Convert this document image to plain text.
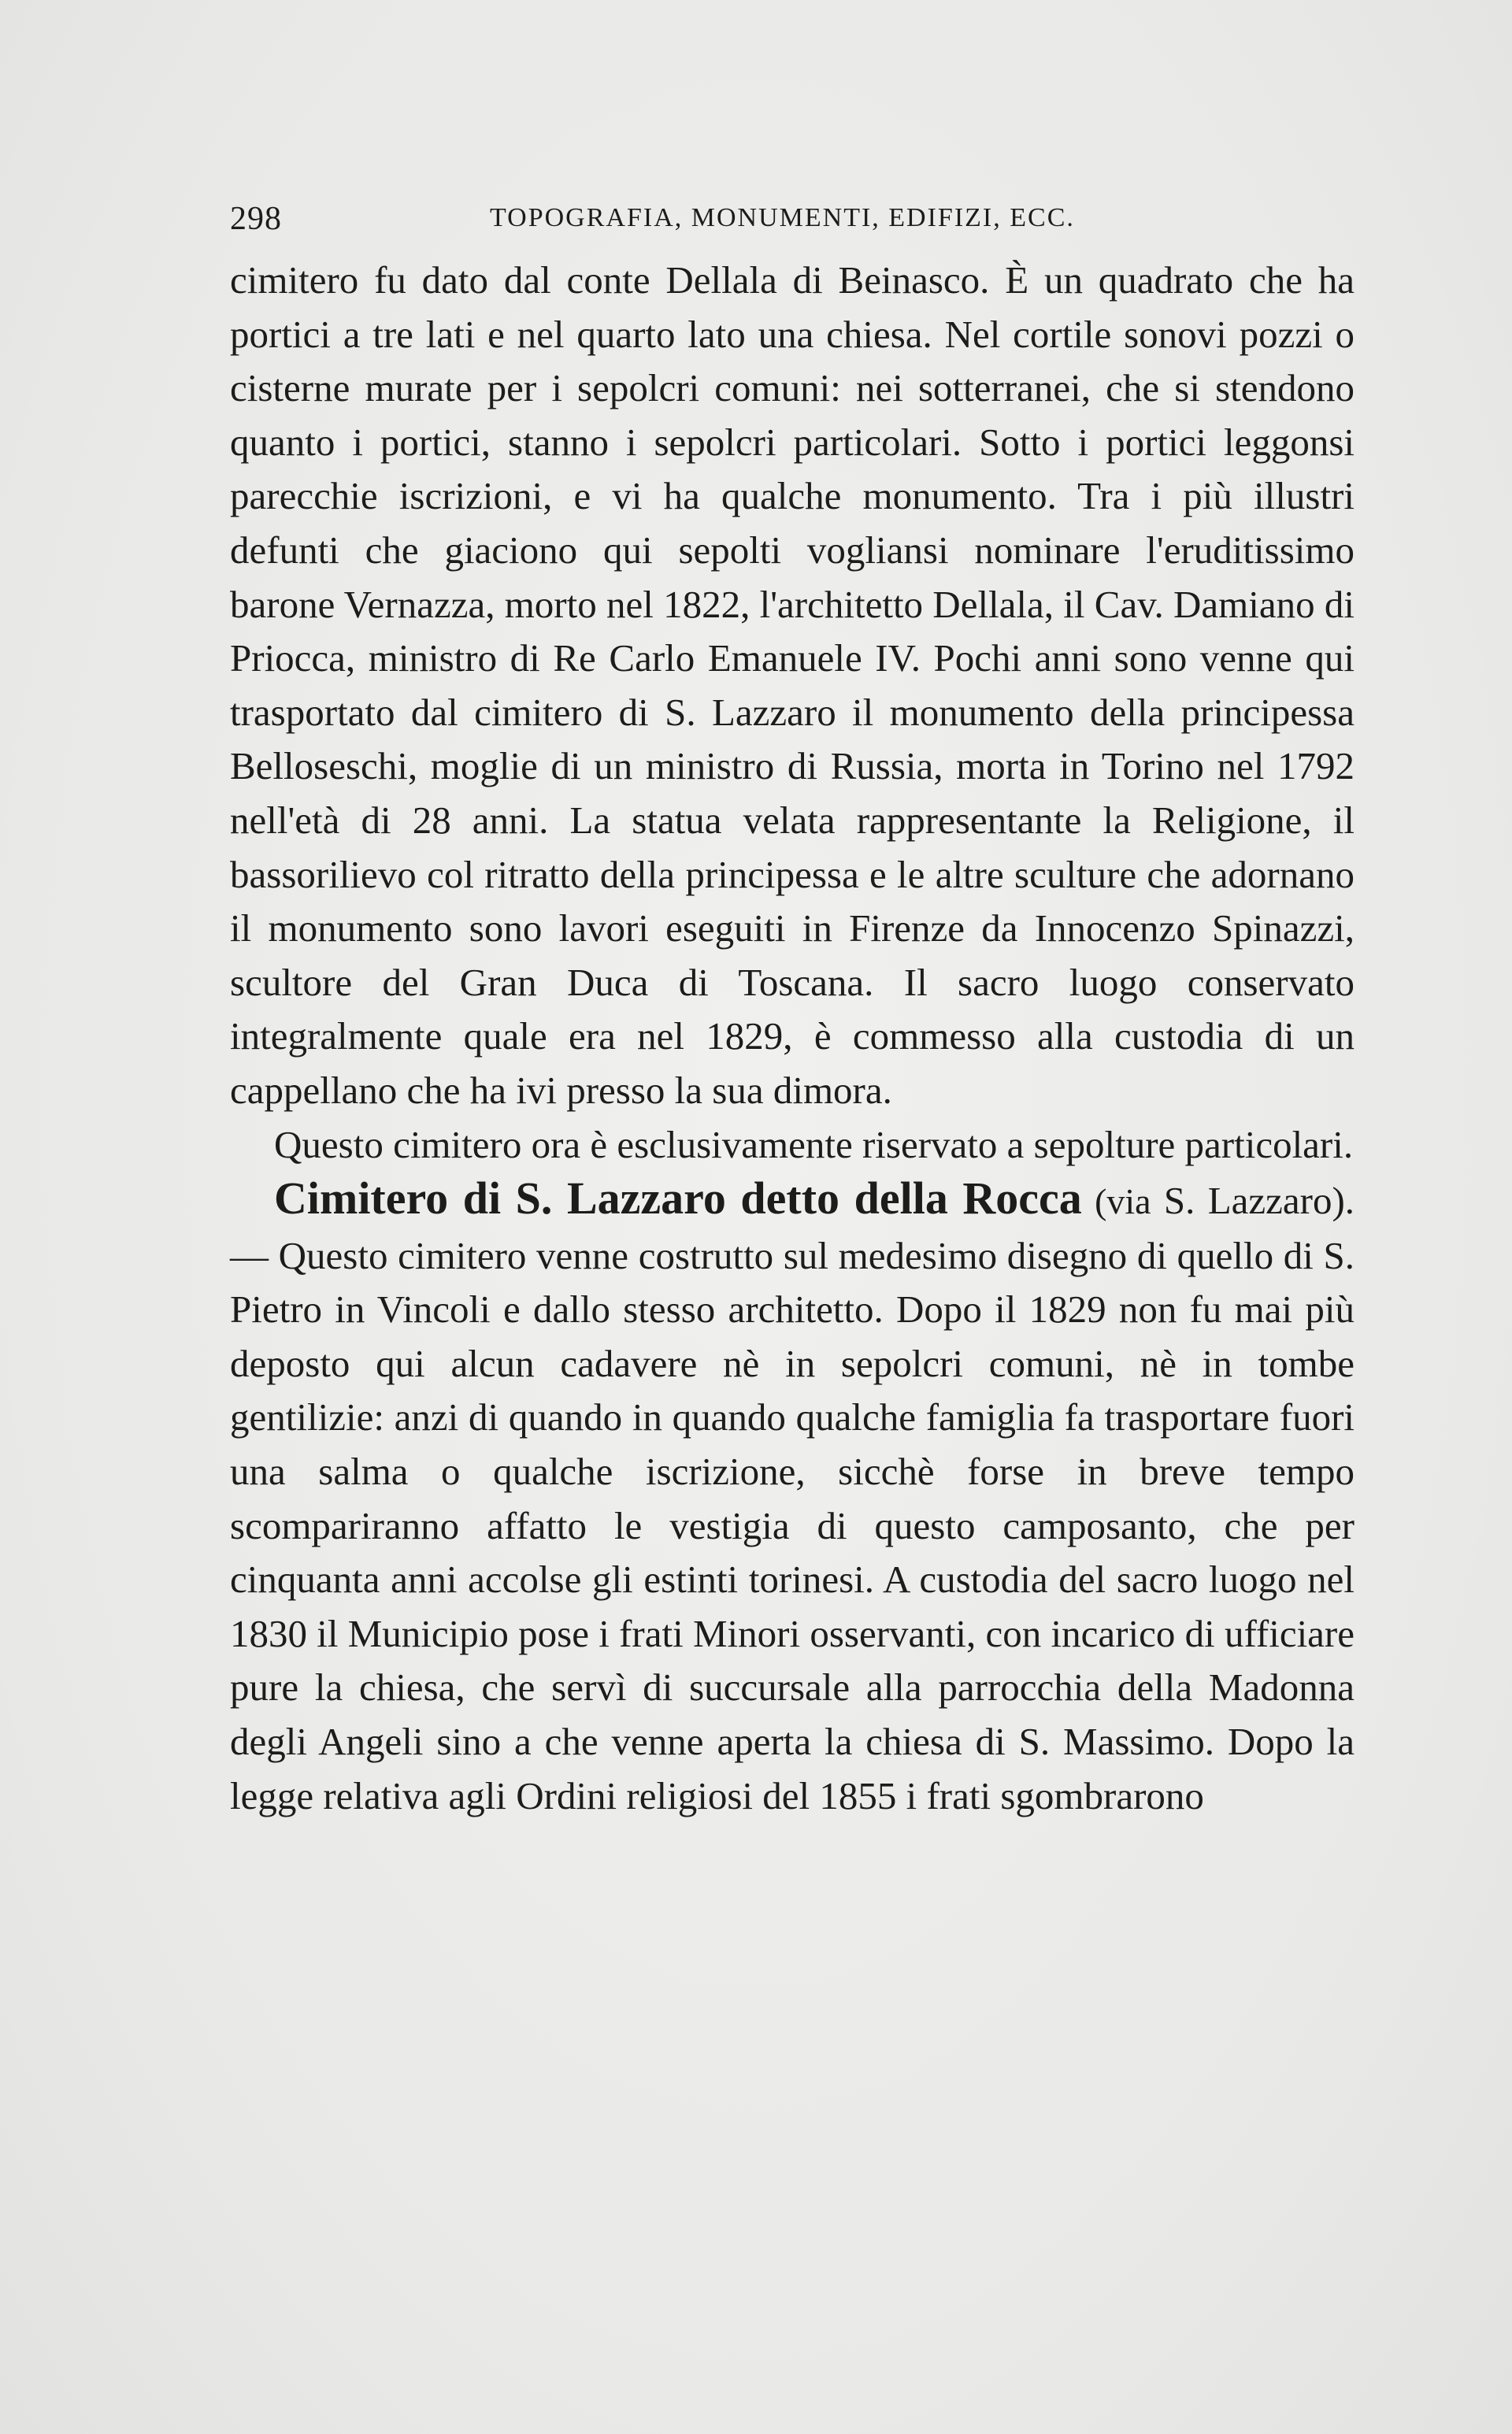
298	TOPOGRAFIA, MONUMENTI, EDIFIZI, ECC.

cimitero fu dato dal conte Dellala di Beinasco. È un quadrato che ha portici a tre lati e nel quarto lato una chiesa. Nel cortile sonovi pozzi o cisterne murate per i sepolcri comuni: nei sotterranei, che si stendono quanto i portici, stanno i sepolcri particolari. Sotto i portici leggonsi parecchie iscrizioni, e vi ha qualche monumento. Tra i più illustri defunti che giaciono qui sepolti vogliansi nominare l'eruditissimo barone Vernazza, morto nel 1822, l'architetto Dellala, il Cav. Damiano di Priocca, ministro di Re Carlo Emanuele IV. Pochi anni sono venne qui trasportato dal cimitero di S. Lazzaro il monumento della principessa Belloseschi, moglie di un ministro di Russia, morta in Torino nel 1792 nell'età di 28 anni. La statua velata rappresentante la Religione, il bassorilievo col ritratto della principessa e le altre sculture che adornano il monumento sono lavori eseguiti in Firenze da Innocenzo Spinazzi, scultore del Gran Duca di Toscana. Il sacro luogo conservato integralmente quale era nel 1829, è commesso alla custodia di un cappellano che ha ivi presso la sua dimora.

Questo cimitero ora è esclusivamente riservato a sepolture particolari.

Cimitero di S. Lazzaro detto della Rocca (via S. Lazzaro). — Questo cimitero venne costrutto sul medesimo disegno di quello di S. Pietro in Vincoli e dallo stesso architetto. Dopo il 1829 non fu mai più deposto qui alcun cadavere nè in sepolcri comuni, nè in tombe gentilizie: anzi di quando in quando qualche famiglia fa trasportare fuori una salma o qualche iscrizione, sicchè forse in breve tempo scompariranno affatto le vestigia di questo camposanto, che per cinquanta anni accolse gli estinti torinesi. A custodia del sacro luogo nel 1830 il Municipio pose i frati Minori osservanti, con incarico di ufficiare pure la chiesa, che servì di succursale alla parrocchia della Madonna degli Angeli sino a che venne aperta la chiesa di S. Massimo. Dopo la legge relativa agli Ordini religiosi del 1855 i frati sgombrarono
